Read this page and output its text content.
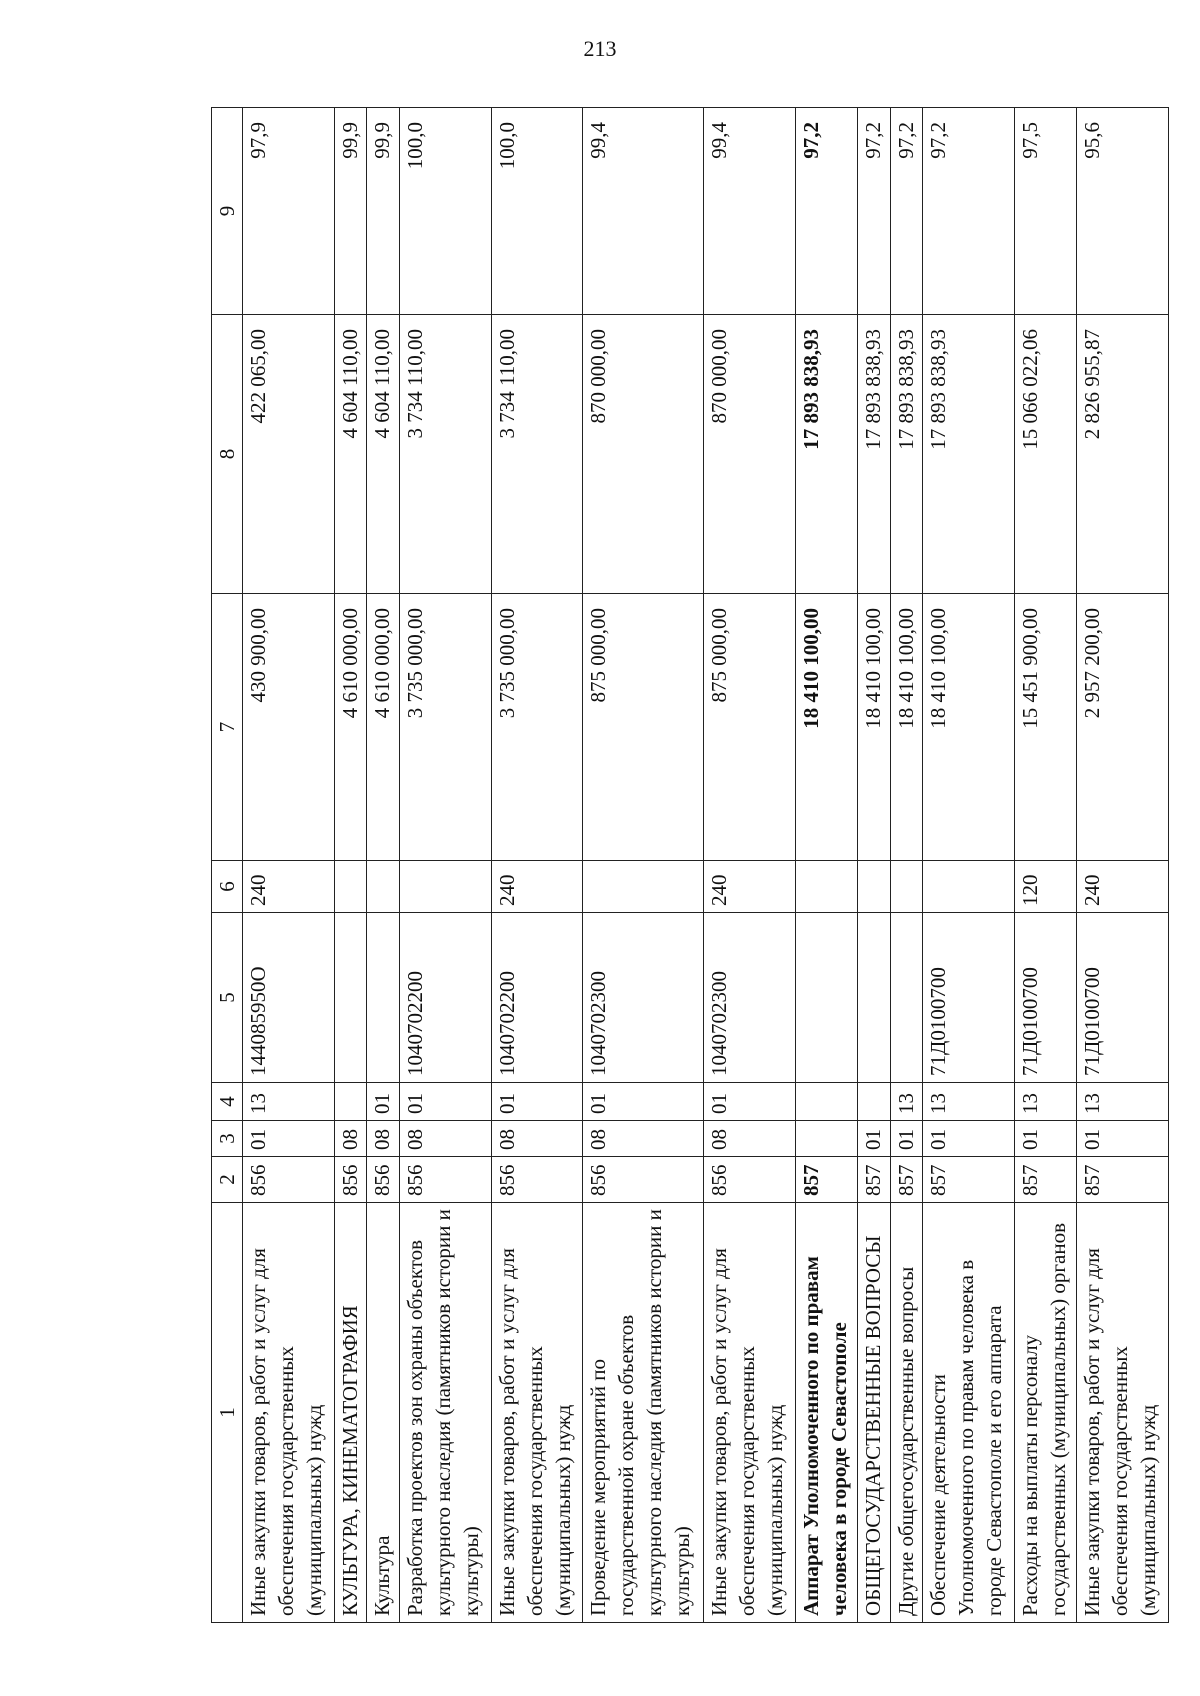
213
1	2	3	4	5	6	7	8	9
Иные закупки товаров, работ и услуг для обеспечения государственных (муниципальных) нужд	856	01	13	144085950О	240	430 900,00	422 065,00	97,9
КУЛЬТУРА, КИНЕМАТОГРАФИЯ	856	08				4 610 000,00	4 604 110,00	99,9
Культура	856	08	01			4 610 000,00	4 604 110,00	99,9
Разработка проектов зон охраны объектов культурного наследия (памятников истории и культуры)	856	08	01	1040702200		3 735 000,00	3 734 110,00	100,0
Иные закупки товаров, работ и услуг для обеспечения государственных (муниципальных) нужд	856	08	01	1040702200	240	3 735 000,00	3 734 110,00	100,0
Проведение мероприятий по государственной охране объектов культурного наследия (памятников истории и культуры)	856	08	01	1040702300		875 000,00	870 000,00	99,4
Иные закупки товаров, работ и услуг для обеспечения государственных (муниципальных) нужд	856	08	01	1040702300	240	875 000,00	870 000,00	99,4
Аппарат Уполномоченного по правам человека в городе Севастополе	857					18 410 100,00	17 893 838,93	97,2
ОБЩЕГОСУДАРСТВЕННЫЕ ВОПРОСЫ	857	01				18 410 100,00	17 893 838,93	97,2
Другие общегосударственные вопросы	857	01	13			18 410 100,00	17 893 838,93	97,2
Обеспечение деятельности Уполномоченного по правам человека в городе Севастополе и его аппарата	857	01	13	71Д0100700		18 410 100,00	17 893 838,93	97,2
Расходы на выплаты персоналу государственных (муниципальных) органов	857	01	13	71Д0100700	120	15 451 900,00	15 066 022,06	97,5
Иные закупки товаров, работ и услуг для обеспечения государственных (муниципальных) нужд	857	01	13	71Д0100700	240	2 957 200,00	2 826 955,87	95,6
